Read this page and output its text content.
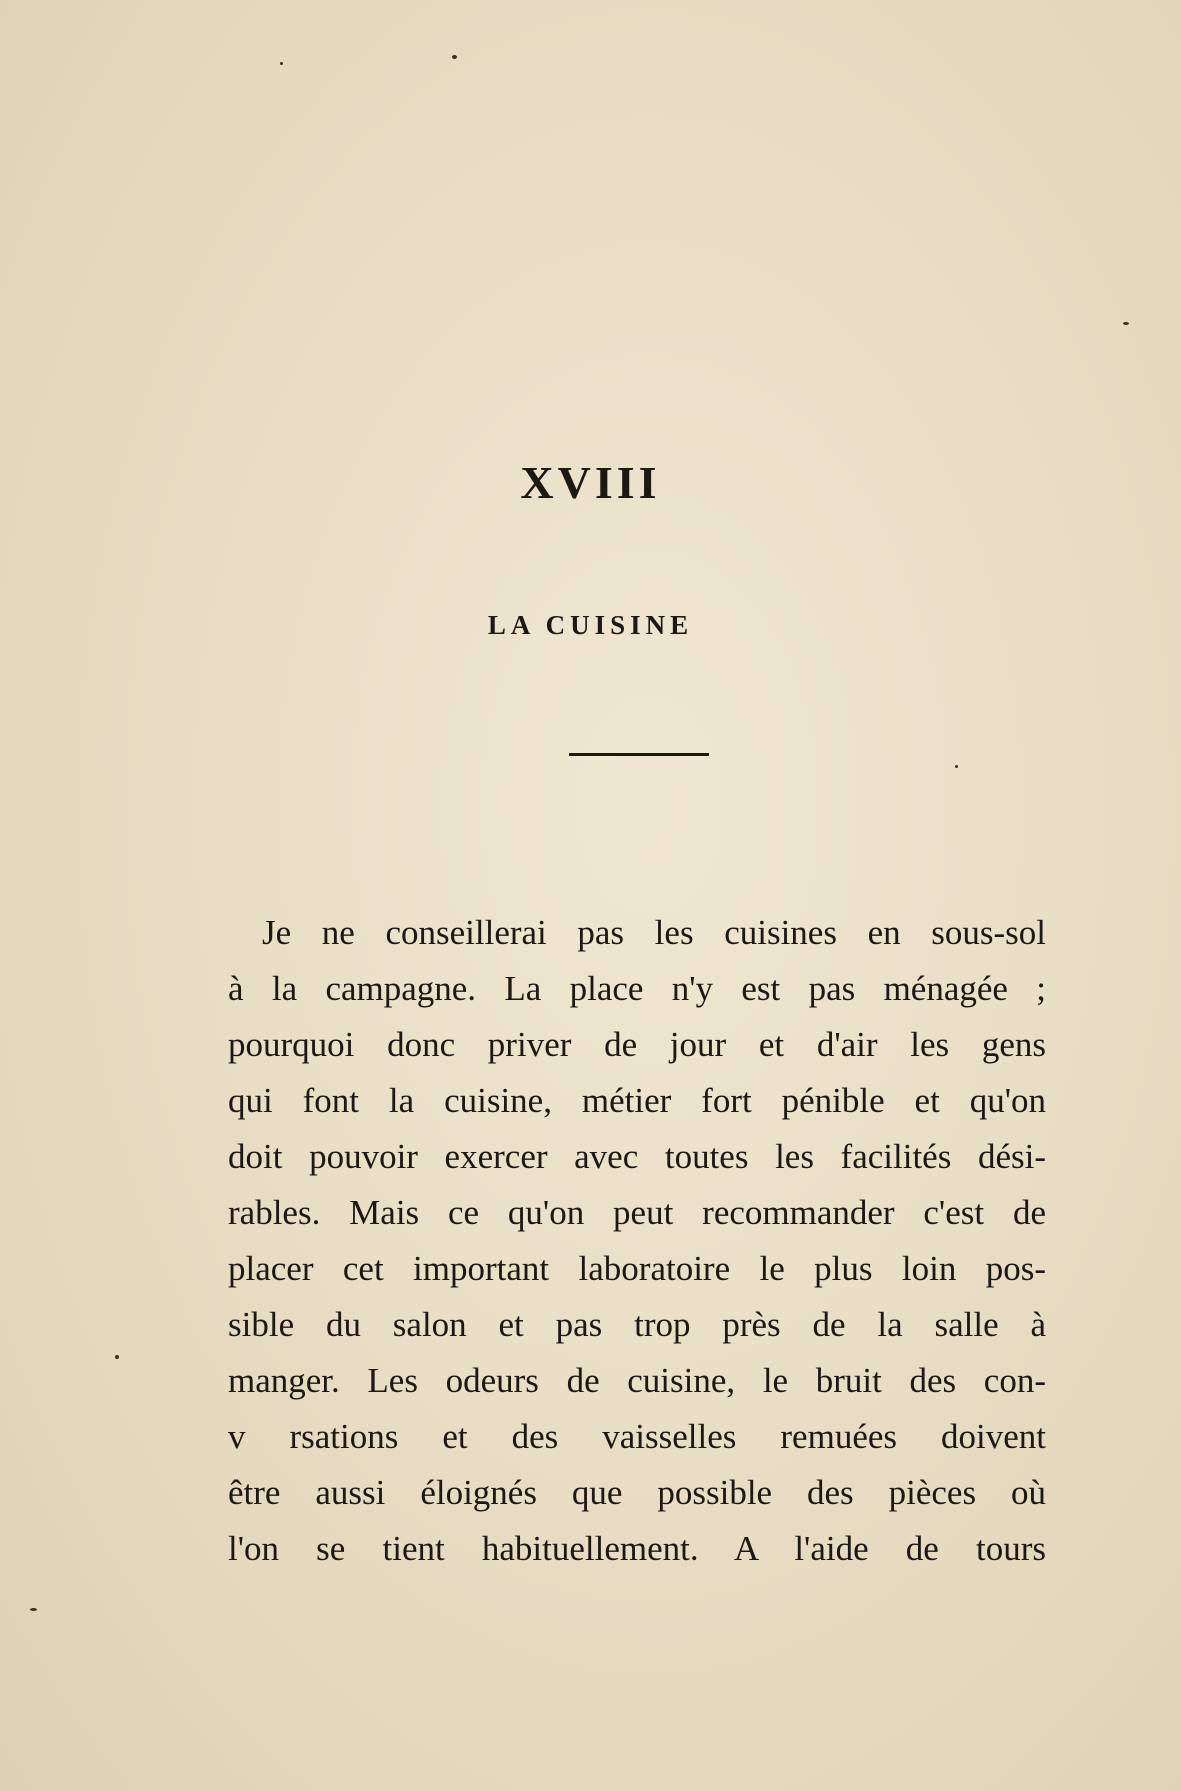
XVIII
LA CUISINE
Je ne conseillerai pas les cuisines en sous-sol
à la campagne. La place n'y est pas ménagée ;
pourquoi donc priver de jour et d'air les gens
qui font la cuisine, métier fort pénible et qu'on
doit pouvoir exercer avec toutes les facilités dési-
rables. Mais ce qu'on peut recommander c'est de
placer cet important laboratoire le plus loin pos-
sible du salon et pas trop près de la salle à
manger. Les odeurs de cuisine, le bruit des con-
v rsations et des vaisselles remuées doivent
être aussi éloignés que possible des pièces où
l'on se tient habituellement. A l'aide de tours
